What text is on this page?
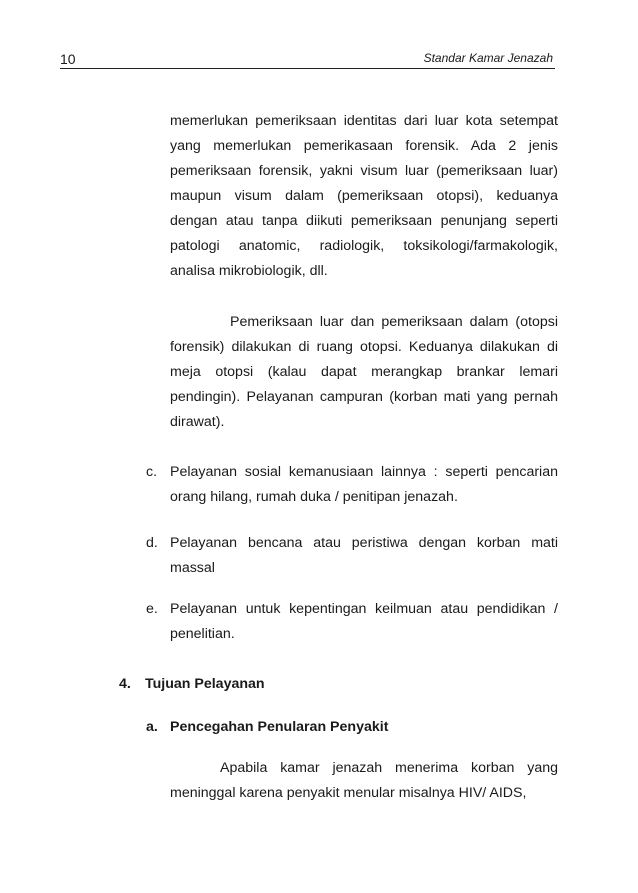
10	Standar Kamar Jenazah

memerlukan pemeriksaan identitas dari luar kota setempat yang memerlukan pemerikasaan forensik. Ada 2 jenis pemeriksaan forensik, yakni visum luar (pemeriksaan luar) maupun visum dalam (pemeriksaan otopsi), keduanya dengan atau tanpa diikuti pemeriksaan penunjang seperti patologi anatomic, radiologik, toksikologi/farmakologik, analisa mikrobiologik, dll.

Pemeriksaan luar dan pemeriksaan dalam (otopsi forensik) dilakukan di ruang otopsi. Keduanya dilakukan di meja otopsi (kalau dapat merangkap brankar lemari pendingin). Pelayanan campuran (korban mati yang pernah dirawat).

c. Pelayanan sosial kemanusiaan lainnya : seperti pencarian orang hilang, rumah duka / penitipan jenazah.

d. Pelayanan bencana atau peristiwa dengan korban mati massal

e. Pelayanan untuk kepentingan keilmuan atau pendidikan / penelitian.

4. Tujuan Pelayanan
a. Pencegahan Penularan Penyakit

Apabila kamar jenazah menerima korban yang meninggal karena penyakit menular misalnya HIV/ AIDS,
